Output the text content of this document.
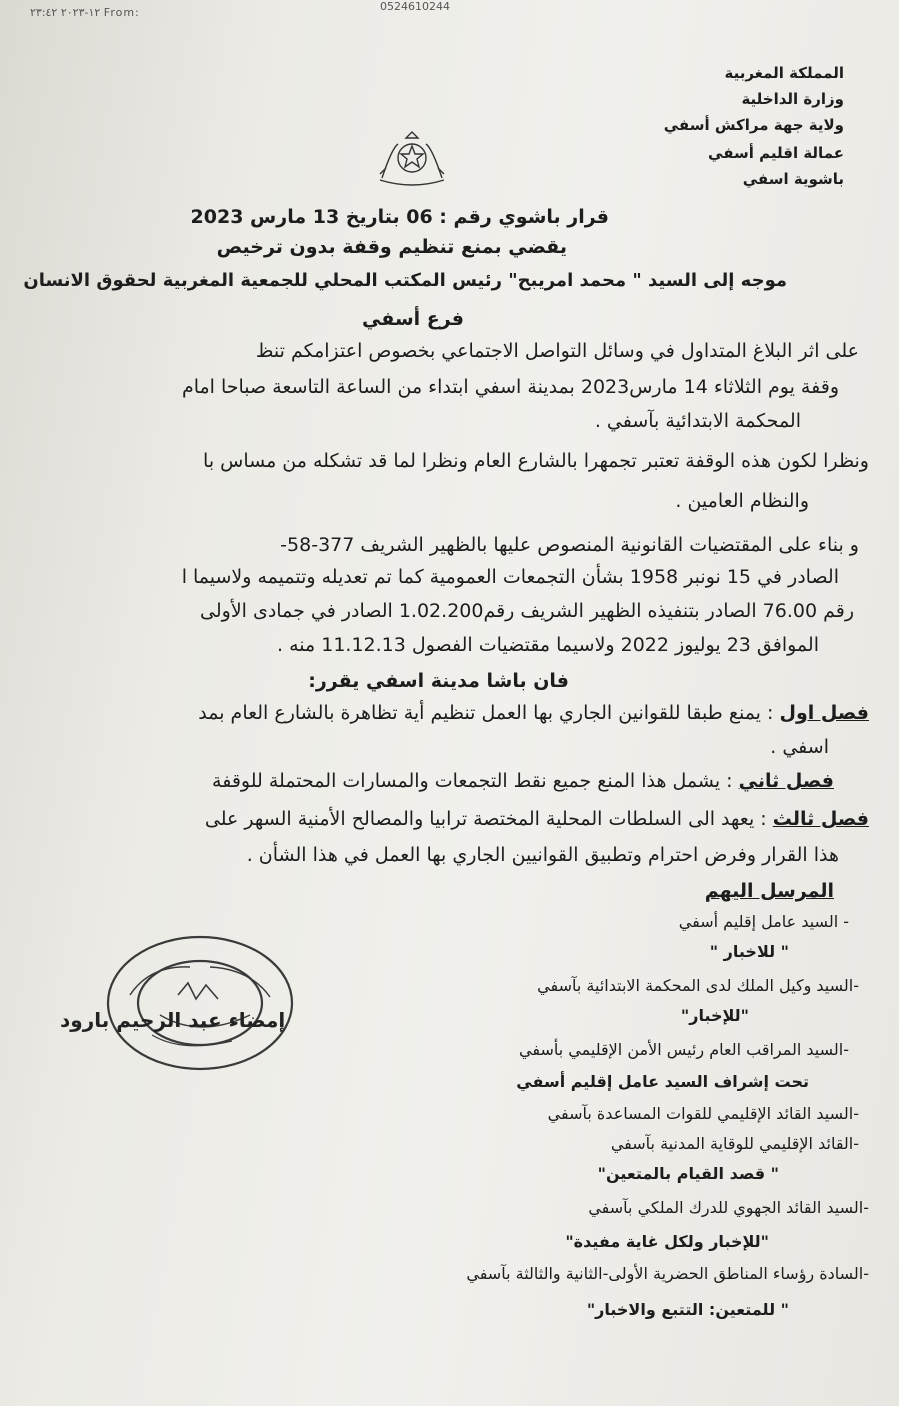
١٢-٢٠٢٣ ٢٣:٤٢ From:	0524610244
المملكة المغربية
وزارة الداخلية
ولاية جهة مراكش أسفي
عمالة اقليم أسفي
باشوية اسفي
قرار باشوي رقم : 06 بتاريخ 13 مارس 2023
يقضي بمنع تنظيم وقفة بدون ترخيص
موجه إلى السيد " محمد امريبح" رئيس المكتب المحلي للجمعية المغربية لحقوق الانسان
فرع أسفي
على اثر البلاغ المتداول في وسائل التواصل الاجتماعي بخصوص اعتزامكم تنظ
وقفة يوم الثلاثاء 14 مارس2023 بمدينة اسفي ابتداء من الساعة التاسعة صباحا امام
المحكمة الابتدائية بآسفي .
ونظرا لكون هذه الوقفة تعتبر تجمهرا بالشارع العام ونظرا لما قد تشكله من مساس با
والنظام العامين .
و بناء على المقتضيات القانونية المنصوص عليها بالظهير الشريف 377-58-
الصادر في 15 نونبر 1958 بشأن التجمعات العمومية كما تم تعديله وتتميمه ولاسيما ا
رقم 76.00 الصادر بتنفيذه الظهير الشريف رقم1.02.200 الصادر في جمادى الأولى
الموافق 23 يوليوز 2022 ولاسيما مقتضيات الفصول 11.12.13 منه .
فان باشا مدينة اسفي يقرر:
فصل اول : يمنع طبقا للقوانين الجاري بها العمل تنظيم أية تظاهرة بالشارع العام بمد
اسفي .
فصل ثاني : يشمل هذا المنع جميع نقط التجمعات والمسارات المحتملة للوقفة
فصل ثالث : يعهد الى السلطات المحلية المختصة ترابيا والمصالح الأمنية السهر على
هذا القرار وفرض احترام وتطبيق القوانيين الجاري بها العمل في هذا الشأن .
المرسل اليهم
- السيد عامل إقليم أسفي
" للاخبار "
-السيد وكيل الملك لدى المحكمة الابتدائية بآسفي
"للإخبار"
-السيد المراقب العام رئيس الأمن الإقليمي بأسفي
تحت إشراف السيد عامل إقليم أسفي
-السيد القائد الإقليمي للقوات المساعدة بآسفي
-القائد الإقليمي للوقاية المدنية بآسفي
" قصد القيام بالمتعين"
-السيد القائد الجهوي للدرك الملكي بآسفي
"للإخبار ولكل غاية مفيدة"
-السادة رؤساء المناطق الحضرية الأولى-الثانية والثالثة بآسفي
" للمتعين: التتبع والاخبار"
إمضاء عبد الرحيم بارود
